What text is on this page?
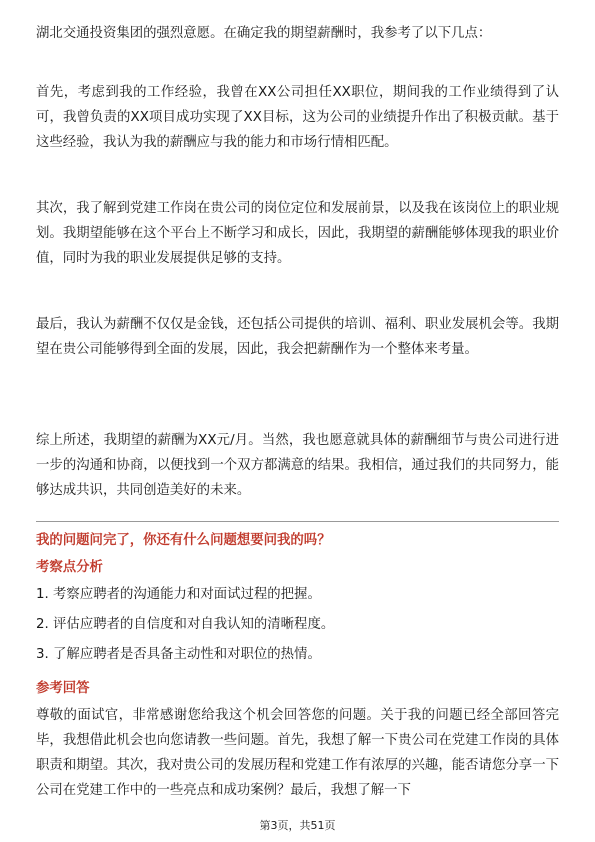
湖北交通投资集团的强烈意愿。在确定我的期望薪酬时，我参考了以下几点：

首先，考虑到我的工作经验，我曾在XX公司担任XX职位，期间我的工作业绩得到了认可，我曾负责的XX项目成功实现了XX目标，这为公司的业绩提升作出了积极贡献。基于这些经验，我认为我的薪酬应与我的能力和市场行情相匹配。

其次，我了解到党建工作岗在贵公司的岗位定位和发展前景，以及我在该岗位上的职业规划。我期望能够在这个平台上不断学习和成长，因此，我期望的薪酬能够体现我的职业价值，同时为我的职业发展提供足够的支持。

最后，我认为薪酬不仅仅是金钱，还包括公司提供的培训、福利、职业发展机会等。我期望在贵公司能够得到全面的发展，因此，我会把薪酬作为一个整体来考量。

综上所述，我期望的薪酬为XX元/月。当然，我也愿意就具体的薪酬细节与贵公司进行进一步的沟通和协商，以便找到一个双方都满意的结果。我相信，通过我们的共同努力，能够达成共识，共同创造美好的未来。

我的问题问完了，你还有什么问题想要问我的吗？

考察点分析

1. 考察应聘者的沟通能力和对面试过程的把握。

2. 评估应聘者的自信度和对自我认知的清晰程度。

3. 了解应聘者是否具备主动性和对职位的热情。

参考回答

尊敬的面试官，非常感谢您给我这个机会回答您的问题。关于我的问题已经全部回答完毕，我想借此机会也向您请教一些问题。首先，我想了解一下贵公司在党建工作岗的具体职责和期望。其次，我对贵公司的发展历程和党建工作有浓厚的兴趣，能否请您分享一下公司在党建工作中的一些亮点和成功案例？最后，我想了解一下

第3页，共51页
